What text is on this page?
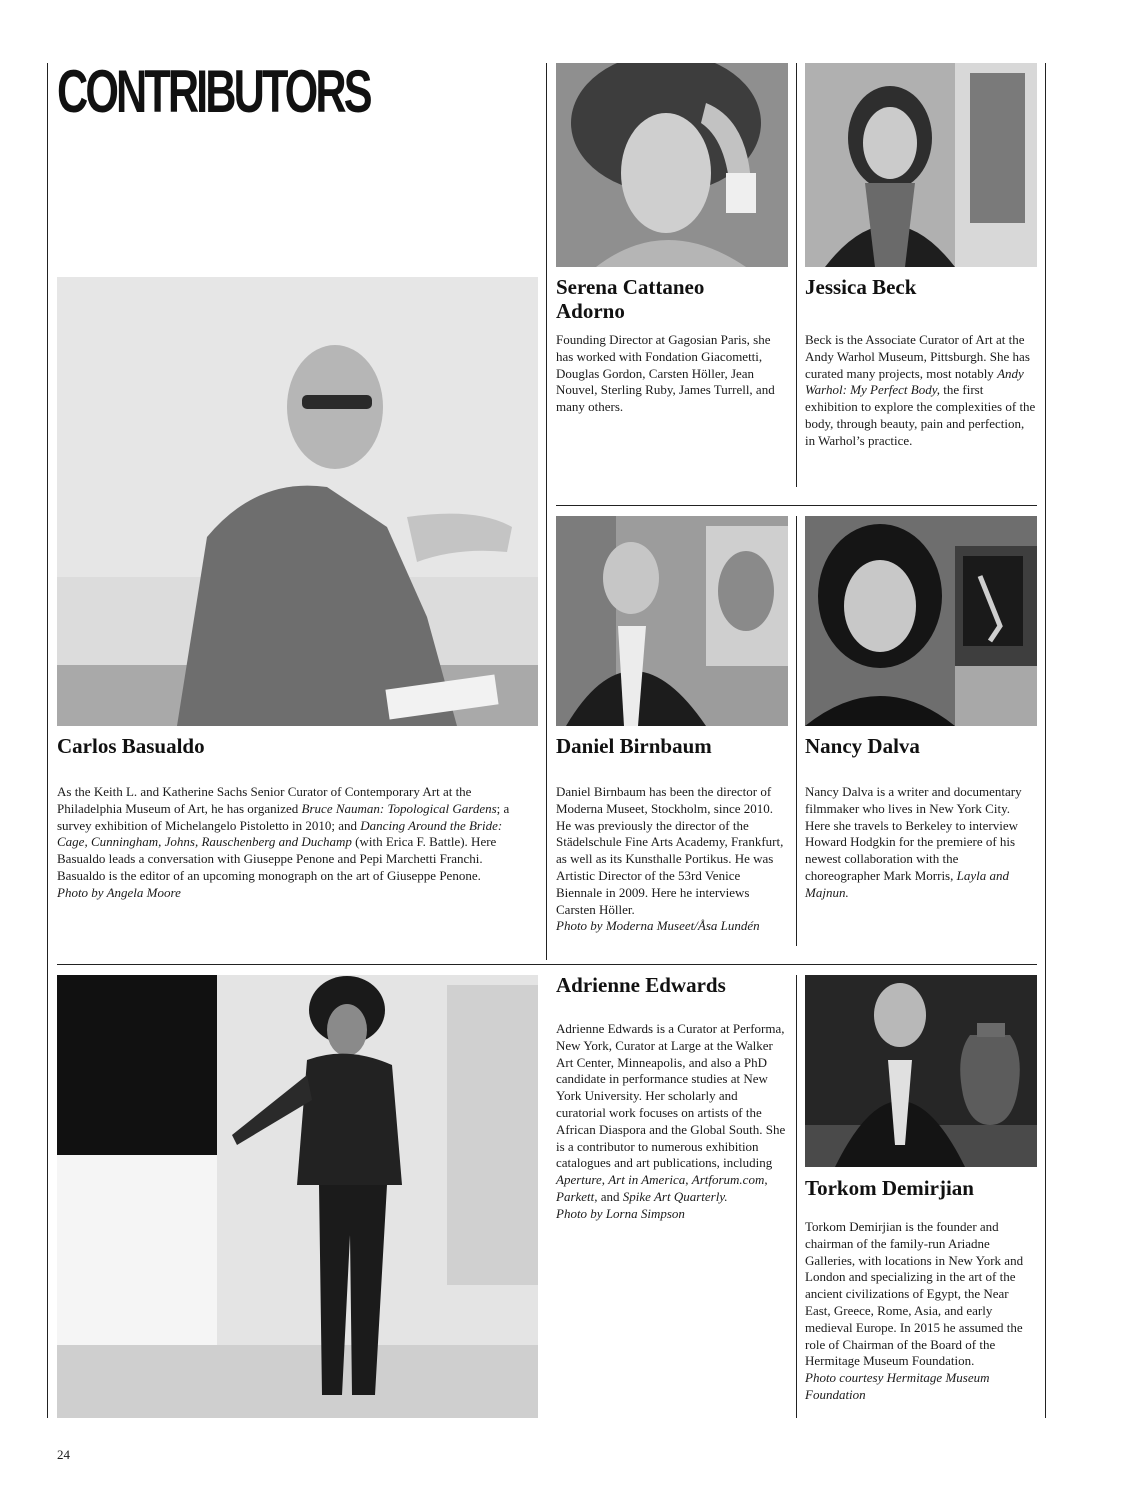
CONTRIBUTORS
Carlos Basualdo

As the Keith L. and Katherine Sachs Senior Curator of Contemporary Art at the Philadelphia Museum of Art, he has organized Bruce Nauman: Topological Gardens; a survey exhibition of Michelangelo Pistoletto in 2010; and Dancing Around the Bride: Cage, Cunningham, Johns, Rauschenberg and Duchamp (with Erica F. Battle). Here Basualdo leads a conversation with Giuseppe Penone and Pepi Marchetti Franchi. Basualdo is the editor of an upcoming monograph on the art of Giuseppe Penone.

Photo by Angela Moore

Serena Cattaneo
Adorno

Founding Director at Gagosian Paris, she has worked with Fondation Giacometti, Douglas Gordon, Carsten Höller, Jean Nouvel, Sterling Ruby, James Turrell, and many others.

Jessica Beck

Beck is the Associate Curator of Art at the Andy Warhol Museum, Pittsburgh. She has curated many projects, most notably Andy Warhol: My Perfect Body, the first exhibition to explore the complexities of the body, through beauty, pain and perfection, in Warhol’s practice.

Daniel Birnbaum

Daniel Birnbaum has been the director of Moderna Museet, Stockholm, since 2010. He was previously the director of the Städelschule Fine Arts Academy, Frankfurt, as well as its Kunsthalle Portikus. He was Artistic Director of the 53rd Venice Biennale in 2009. Here he interviews Carsten Höller.

Photo by Moderna Museet/Åsa Lundén

Nancy Dalva

Nancy Dalva is a writer and documentary filmmaker who lives in New York City. Here she travels to Berkeley to interview Howard Hodgkin for the premiere of his newest collaboration with the choreographer Mark Morris, Layla and Majnun.

Adrienne Edwards

Adrienne Edwards is a Curator at Performa, New York, Curator at Large at the Walker Art Center, Minneapolis, and also a PhD candidate in performance studies at New York University. Her scholarly and curatorial work focuses on artists of the African Diaspora and the Global South. She is a contributor to numerous exhibition catalogues and art publications, including Aperture, Art in America, Artforum.com, Parkett, and Spike Art Quarterly.

Photo by Lorna Simpson

Torkom Demirjian

Torkom Demirjian is the founder and chairman of the family-run Ariadne Galleries, with locations in New York and London and specializing in the art of the ancient civilizations of Egypt, the Near East, Greece, Rome, Asia, and early medieval Europe. In 2015 he assumed the role of Chairman of the Board of the Hermitage Museum Foundation.

Photo courtesy Hermitage Museum Foundation

24
